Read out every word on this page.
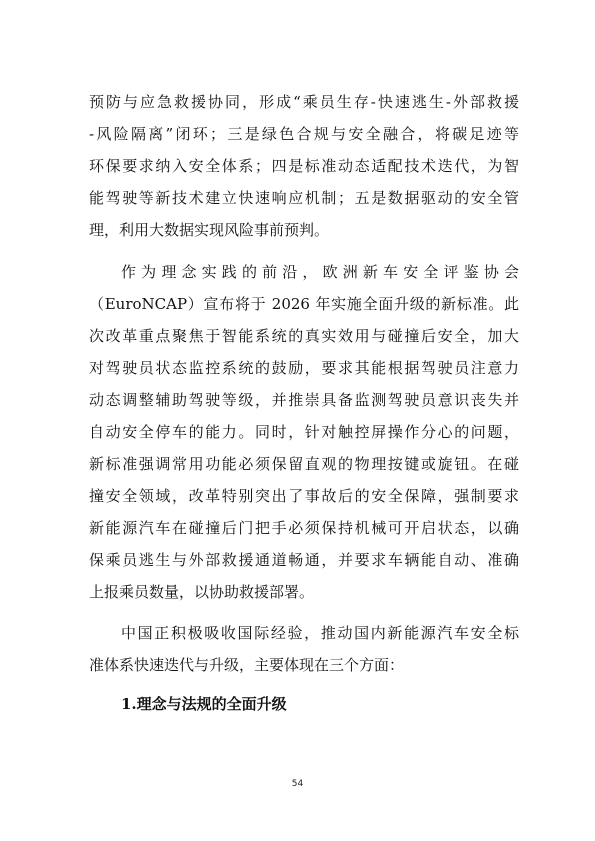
预防与应急救援协同，形成“乘员生存-快速逃生-外部救援
-风险隔离”闭环；三是绿色合规与安全融合，将碳足迹等
环保要求纳入安全体系；四是标准动态适配技术迭代，为智
能驾驶等新技术建立快速响应机制；五是数据驱动的安全管
理，利用大数据实现风险事前预判。
作为理念实践的前沿，欧洲新车安全评鉴协会
（EuroNCAP）宣布将于 2026 年实施全面升级的新标准。此
次改革重点聚焦于智能系统的真实效用与碰撞后安全，加大
对驾驶员状态监控系统的鼓励，要求其能根据驾驶员注意力
动态调整辅助驾驶等级，并推崇具备监测驾驶员意识丧失并
自动安全停车的能力。同时，针对触控屏操作分心的问题，
新标准强调常用功能必须保留直观的物理按键或旋钮。在碰
撞安全领域，改革特别突出了事故后的安全保障，强制要求
新能源汽车在碰撞后门把手必须保持机械可开启状态，以确
保乘员逃生与外部救援通道畅通，并要求车辆能自动、准确
上报乘员数量，以协助救援部署。
中国正积极吸收国际经验，推动国内新能源汽车安全标
准体系快速迭代与升级，主要体现在三个方面：
1.理念与法规的全面升级
54
